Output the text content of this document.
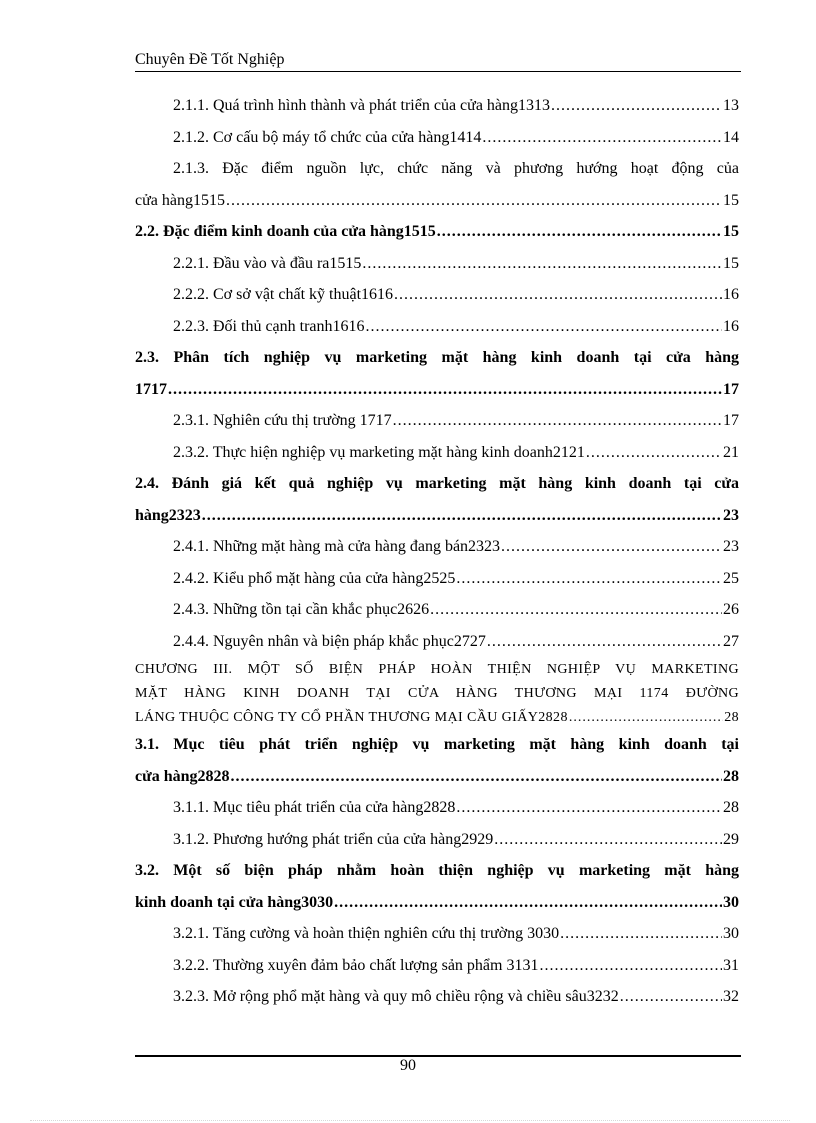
Chuyên Đề Tốt Nghiệp
2.1.1. Quá trình hình thành và phát triển của cửa hàng1313 .....	13
2.1.2. Cơ cấu bộ máy tổ chức của cửa hàng1414 .....	14
2.1.3. Đặc điểm nguồn lực, chức năng và phương hướng hoạt động của
cửa hàng1515 .....	15
2.2. Đặc điểm kinh doanh của cửa hàng1515 .....	15
2.2.1. Đầu vào và đầu ra1515 .....	15
2.2.2. Cơ sở vật chất kỹ thuật1616 .....	16
2.2.3. Đối thủ cạnh tranh1616 .....	16
2.3. Phân tích nghiệp vụ marketing mặt hàng kinh doanh tại cửa hàng
1717 .....	17
2.3.1. Nghiên cứu thị trường 1717 .....	17
2.3.2. Thực hiện nghiệp vụ marketing mặt hàng kinh doanh2121 .....	21
2.4. Đánh giá kết quả nghiệp vụ marketing mặt hàng kinh doanh tại cửa
hàng2323 .....	23
2.4.1. Những mặt hàng mà cửa hàng đang bán2323 .....	23
2.4.2. Kiểu phổ mặt hàng của cửa hàng2525 .....	25
2.4.3. Những tồn tại cần khắc phục2626 .....	26
2.4.4. Nguyên nhân và biện pháp khắc phục2727 .....	27
CHƯƠNG III. MỘT SỐ BIỆN PHÁP HOÀN THIỆN NGHIỆP VỤ MARKETING
MẶT HÀNG KINH DOANH TẠI CỬA HÀNG THƯƠNG MẠI 1174 ĐƯỜNG
LÁNG THUỘC CÔNG TY CỔ PHẦN THƯƠNG MẠI CẦU GIẤY2828 .....	28
3.1. Mục tiêu phát triển nghiệp vụ marketing mặt hàng kinh doanh tại
cửa hàng2828 .....	28
3.1.1. Mục tiêu phát triển của cửa hàng2828 .....	28
3.1.2. Phương hướng phát triển của cửa hàng2929 .....	29
3.2. Một số biện pháp nhằm hoàn thiện nghiệp vụ marketing mặt hàng
kinh doanh tại cửa hàng3030 .....	30
3.2.1. Tăng cường và hoàn thiện nghiên cứu thị trường 3030 .....	30
3.2.2. Thường xuyên đảm bảo chất lượng sản phẩm 3131 .....	31
3.2.3. Mở rộng phổ mặt hàng và quy mô chiều rộng và chiều sâu3232 .....	32
90
